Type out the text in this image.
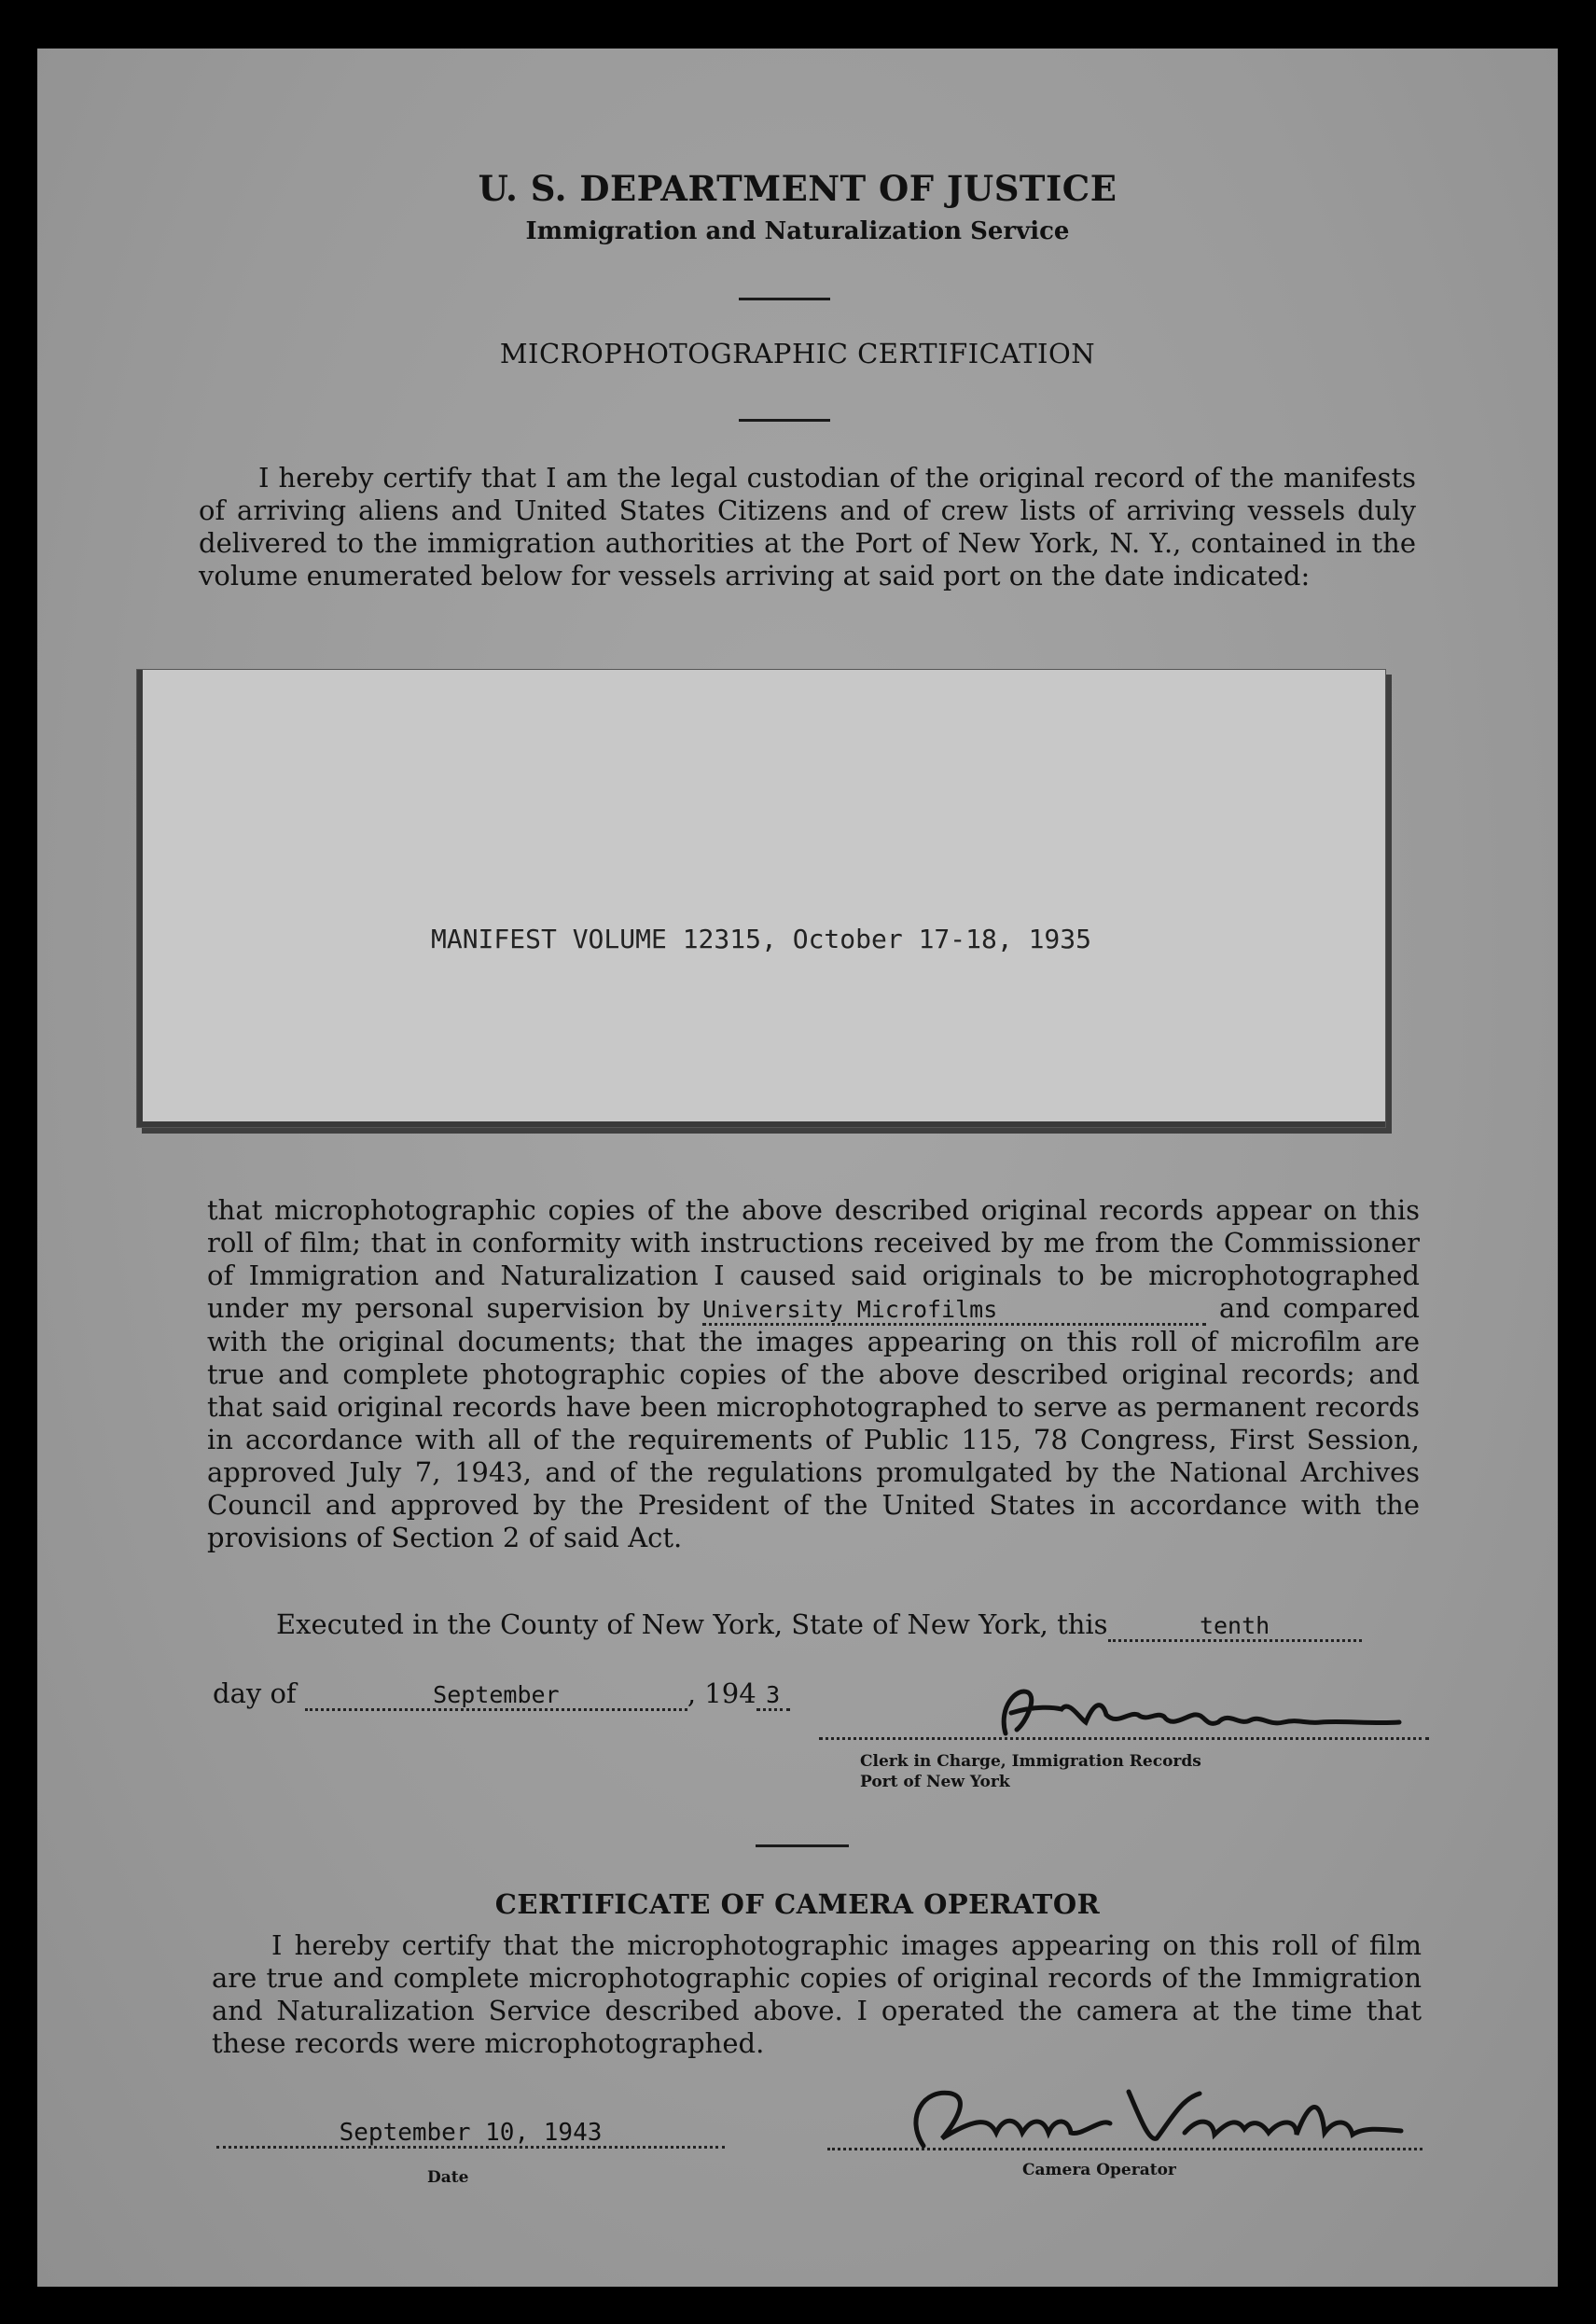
U. S. DEPARTMENT OF JUSTICE
Immigration and Naturalization Service
MICROPHOTOGRAPHIC CERTIFICATION
I hereby certify that I am the legal custodian of the original record of the manifests of arriving aliens and United States Citizens and of crew lists of arriving vessels duly delivered to the immigration authorities at the Port of New York, N. Y., contained in the volume enumerated below for vessels arriving at said port on the date indicated:
MANIFEST VOLUME 12315, October 17-18, 1935
that microphotographic copies of the above described original records appear on this roll of film; that in conformity with instructions received by me from the Commissioner of Immigration and Naturalization I caused said originals to be microphotographed under my personal supervision by University Microfilms	and compared with the original documents; that the images appearing on this roll of microfilm are true and complete photographic copies of the above described original records; and that said original records have been microphotographed to serve as permanent records in accordance with all of the requirements of Public 115, 78 Congress, First Session, approved July 7, 1943, and of the regulations promulgated by the National Archives Council and approved by the President of the United States in accordance with the provisions of Section 2 of said Act.
Executed in the County of New York, State of New York, this	tenth
day of	September	, 194 3
Clerk in Charge, Immigration Records
Port of New York
CERTIFICATE OF CAMERA OPERATOR
I hereby certify that the microphotographic images appearing on this roll of film are true and complete microphotographic copies of original records of the Immigration and Naturalization Service described above. I operated the camera at the time that these records were microphotographed.
September 10, 1943
Date	Camera Operator
